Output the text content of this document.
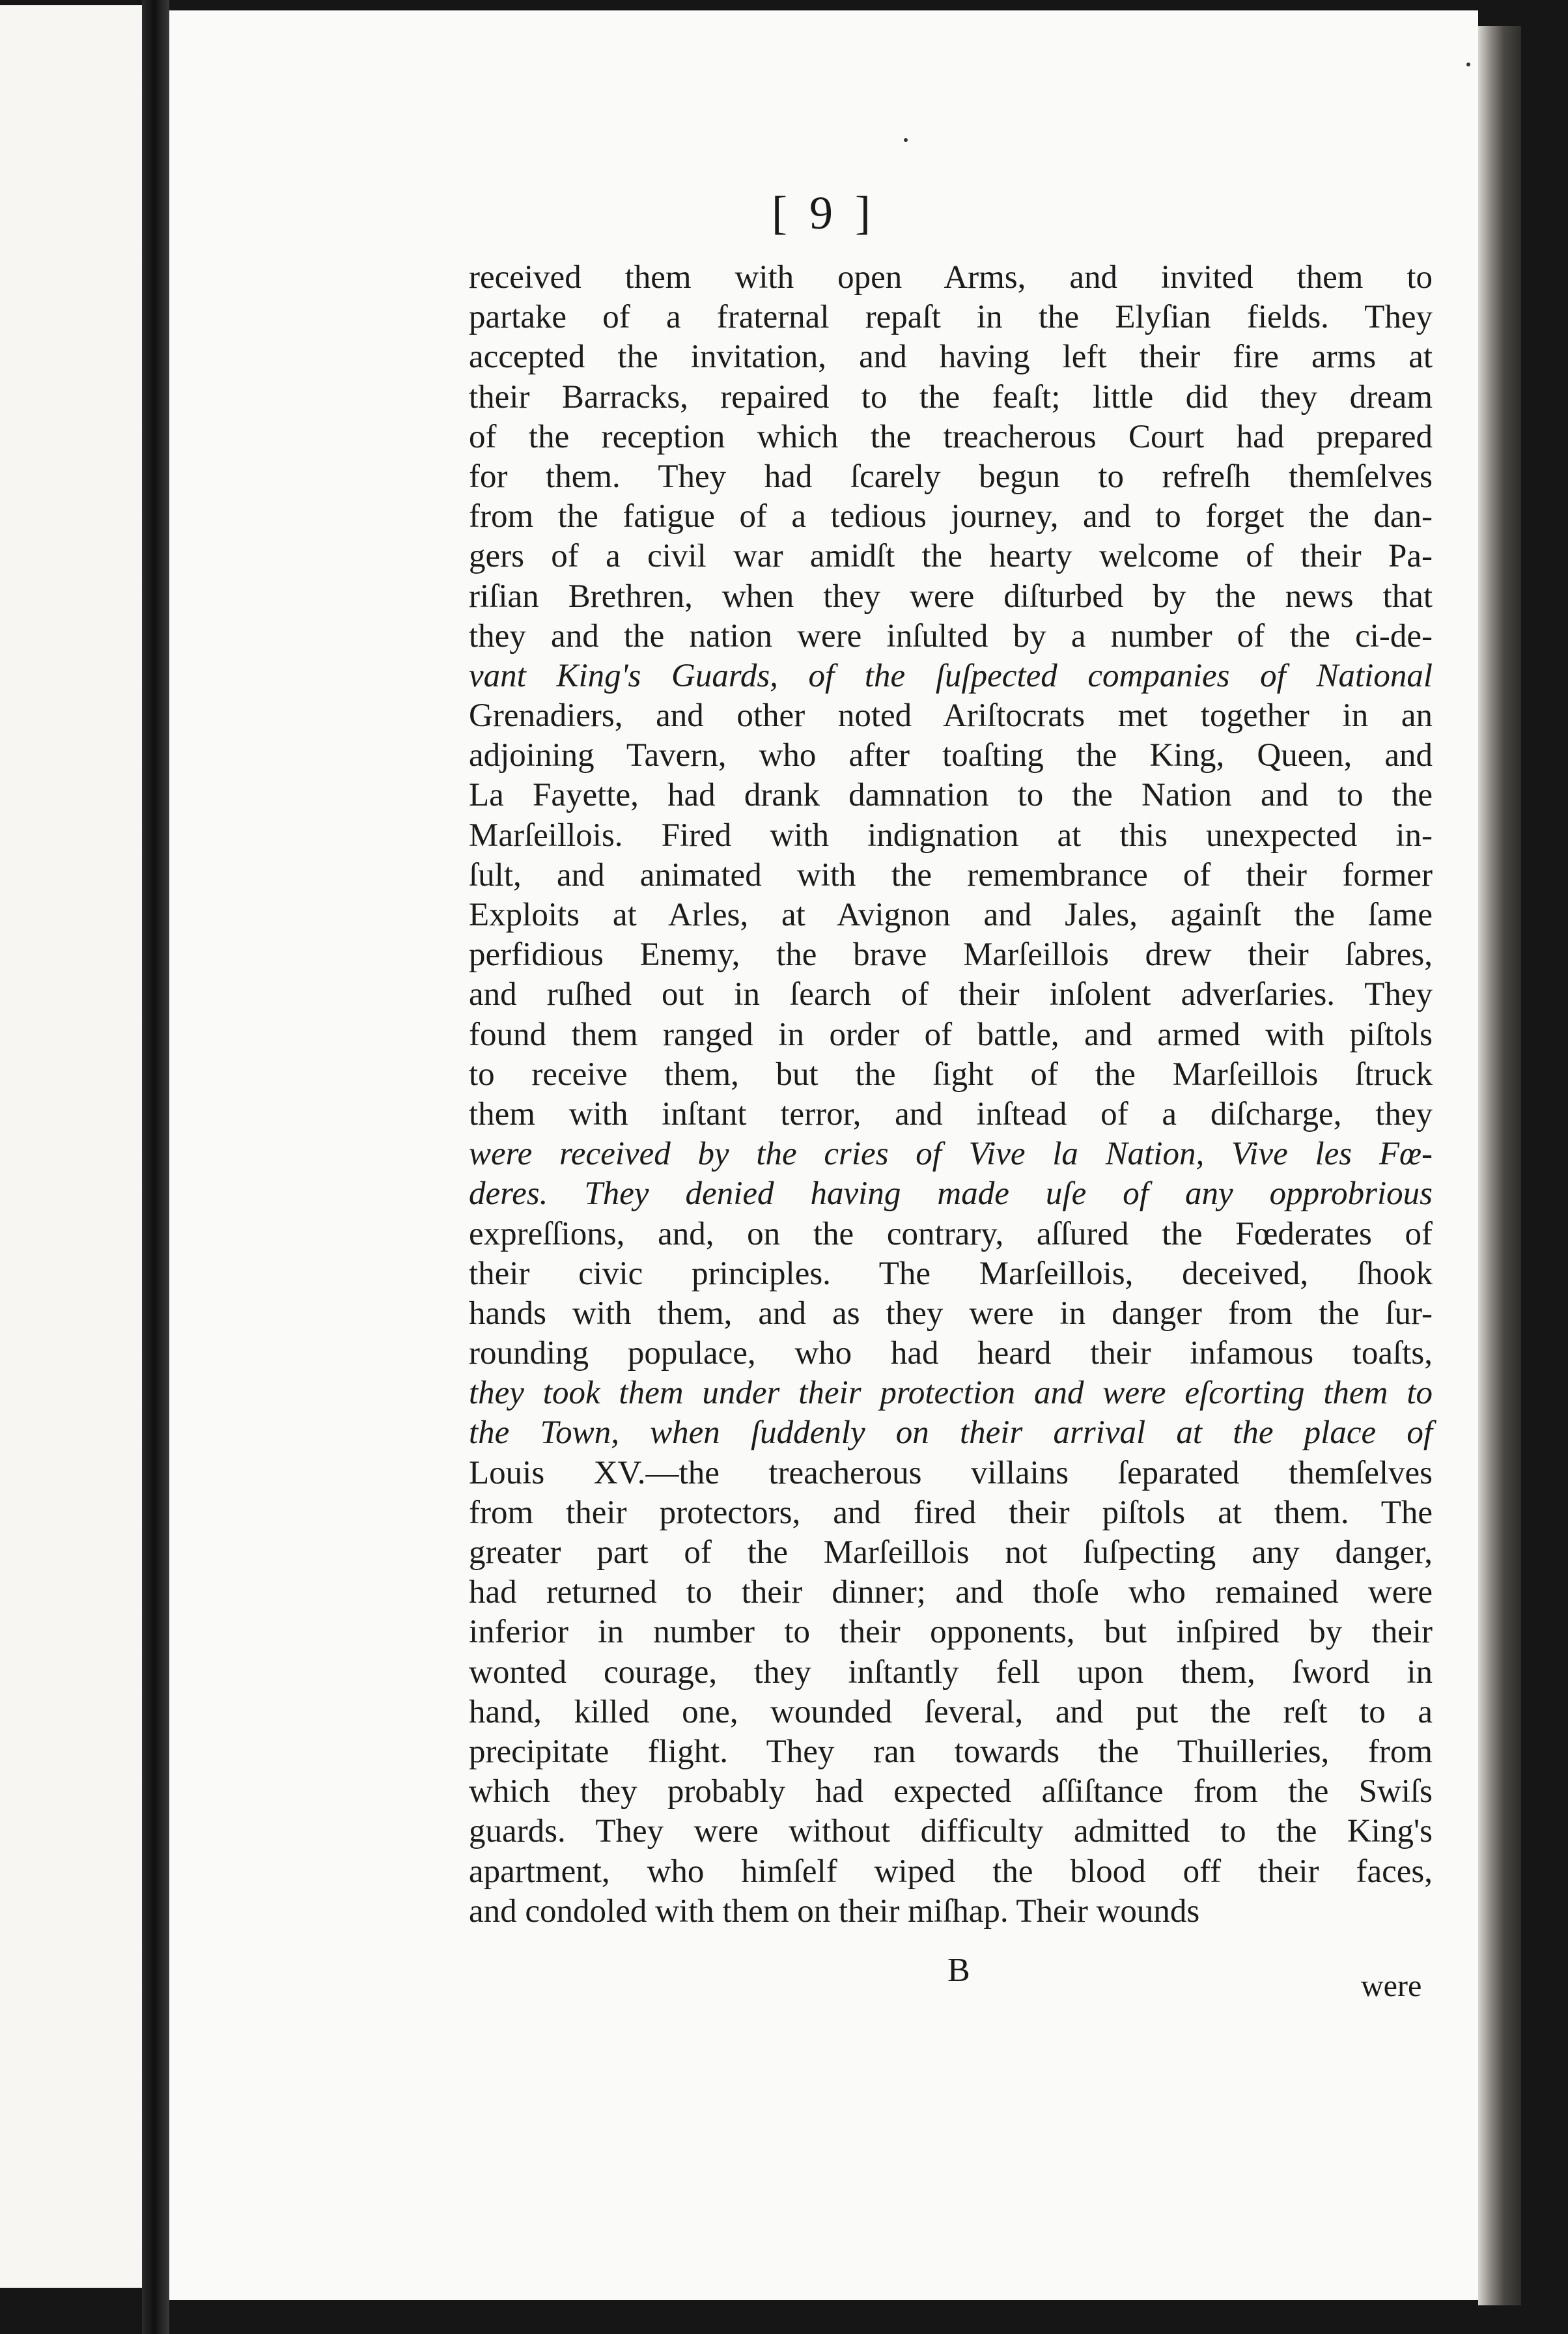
[ 9 ]
received them with open Arms, and invited them to
partake of a fraternal repaſt in the Elyſian fields. They
accepted the invitation, and having left their fire arms at
their Barracks, repaired to the feaſt; little did they dream
of the reception which the treacherous Court had prepared
for them. They had ſcarely begun to refreſh themſelves
from the fatigue of a tedious journey, and to forget the dan-
gers of a civil war amidſt the hearty welcome of their Pa-
riſian Brethren, when they were diſturbed by the news that
they and the nation were inſulted by a number of the ci-de-
vant King's Guards, of the ſuſpected companies of National
Grenadiers, and other noted Ariſtocrats met together in an
adjoining Tavern, who after toaſting the King, Queen, and
La Fayette, had drank damnation to the Nation and to the
Marſeillois. Fired with indignation at this unexpected in-
ſult, and animated with the remembrance of their former
Exploits at Arles, at Avignon and Jales, againſt the ſame
perfidious Enemy, the brave Marſeillois drew their ſabres,
and ruſhed out in ſearch of their inſolent adverſaries. They
found them ranged in order of battle, and armed with piſtols
to receive them, but the ſight of the Marſeillois ſtruck
them with inſtant terror, and inſtead of a diſcharge, they
were received by the cries of Vive la Nation, Vive les Fœ-
deres. They denied having made uſe of any opprobrious
expreſſions, and, on the contrary, aſſured the Fœderates of
their civic principles. The Marſeillois, deceived, ſhook
hands with them, and as they were in danger from the ſur-
rounding populace, who had heard their infamous toaſts,
they took them under their protection and were eſcorting them to
the Town, when ſuddenly on their arrival at the place of
Louis XV.—the treacherous villains ſeparated themſelves
from their protectors, and fired their piſtols at them. The
greater part of the Marſeillois not ſuſpecting any danger,
had returned to their dinner; and thoſe who remained were
inferior in number to their opponents, but inſpired by their
wonted courage, they inſtantly fell upon them, ſword in
hand, killed one, wounded ſeveral, and put the reſt to a
precipitate flight. They ran towards the Thuilleries, from
which they probably had expected aſſiſtance from the Swiſs
guards. They were without difficulty admitted to the King's
apartment, who himſelf wiped the blood off their faces,
and condoled with them on their miſhap. Their wounds
B	were
